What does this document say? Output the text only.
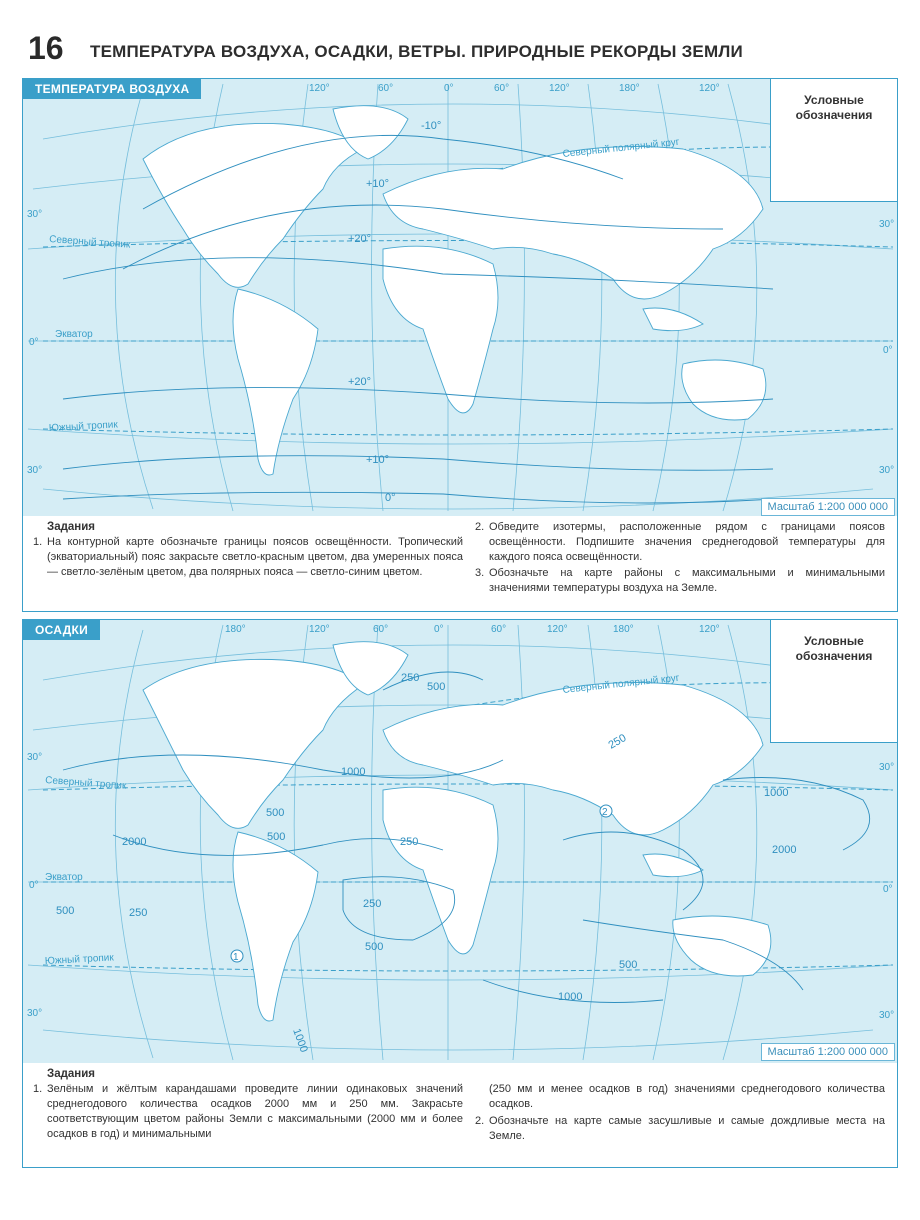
16 ТЕМПЕРАТУРА ВОЗДУХА, ОСАДКИ, ВЕТРЫ. ПРИРОДНЫЕ РЕКОРДЫ ЗЕМЛИ
120°	60°	0°	60°	120°	180°	120°
30°
0°
30°
30°
0°
30°
Северный полярный круг
Северный тропик
Экватор
Южный тропик
-10°
+10°
+20°
+20°
+10°
0°
ТЕМПЕРАТУРА ВОЗДУХА
Условные обозначения
Масштаб 1:200 000 000
Задания
1. На контурной карте обозначьте границы поясов освещённости. Тропический (экваториальный) пояс закрасьте светло-красным цветом, два умеренных пояса — светло-зелёным цветом, два полярных пояса — светло-синим цветом.
2. Обведите изотермы, расположенные рядом с границами поясов освещённости. Подпишите значения среднегодовой температуры для каждого пояса освещённости.
3. Обозначьте на карте районы с максимальными и минимальными значениями температуры воздуха на Земле.
180°	120°	60°	0°	60°	120°	180°	120°
30°
0°
30°
30°
0°
30°
Северный полярный круг
Северный тропик
Экватор
Южный тропик
250
500
1000
2000	500	250
500	250
1000
2000
500
250
500
1000
1000
250
500
1
2
ОСАДКИ
Условные обозначения
Масштаб 1:200 000 000
Задания
1. Зелёным и жёлтым карандашами проведите линии одинаковых значений среднегодового количества осадков 2000 мм и 250 мм. Закрасьте соответствующим цветом районы Земли с максимальными (2000 мм и более осадков в год) и минимальными
(250 мм и менее осадков в год) значениями среднегодового количества осадков.
2. Обозначьте на карте самые засушливые и самые дождливые места на Земле.
